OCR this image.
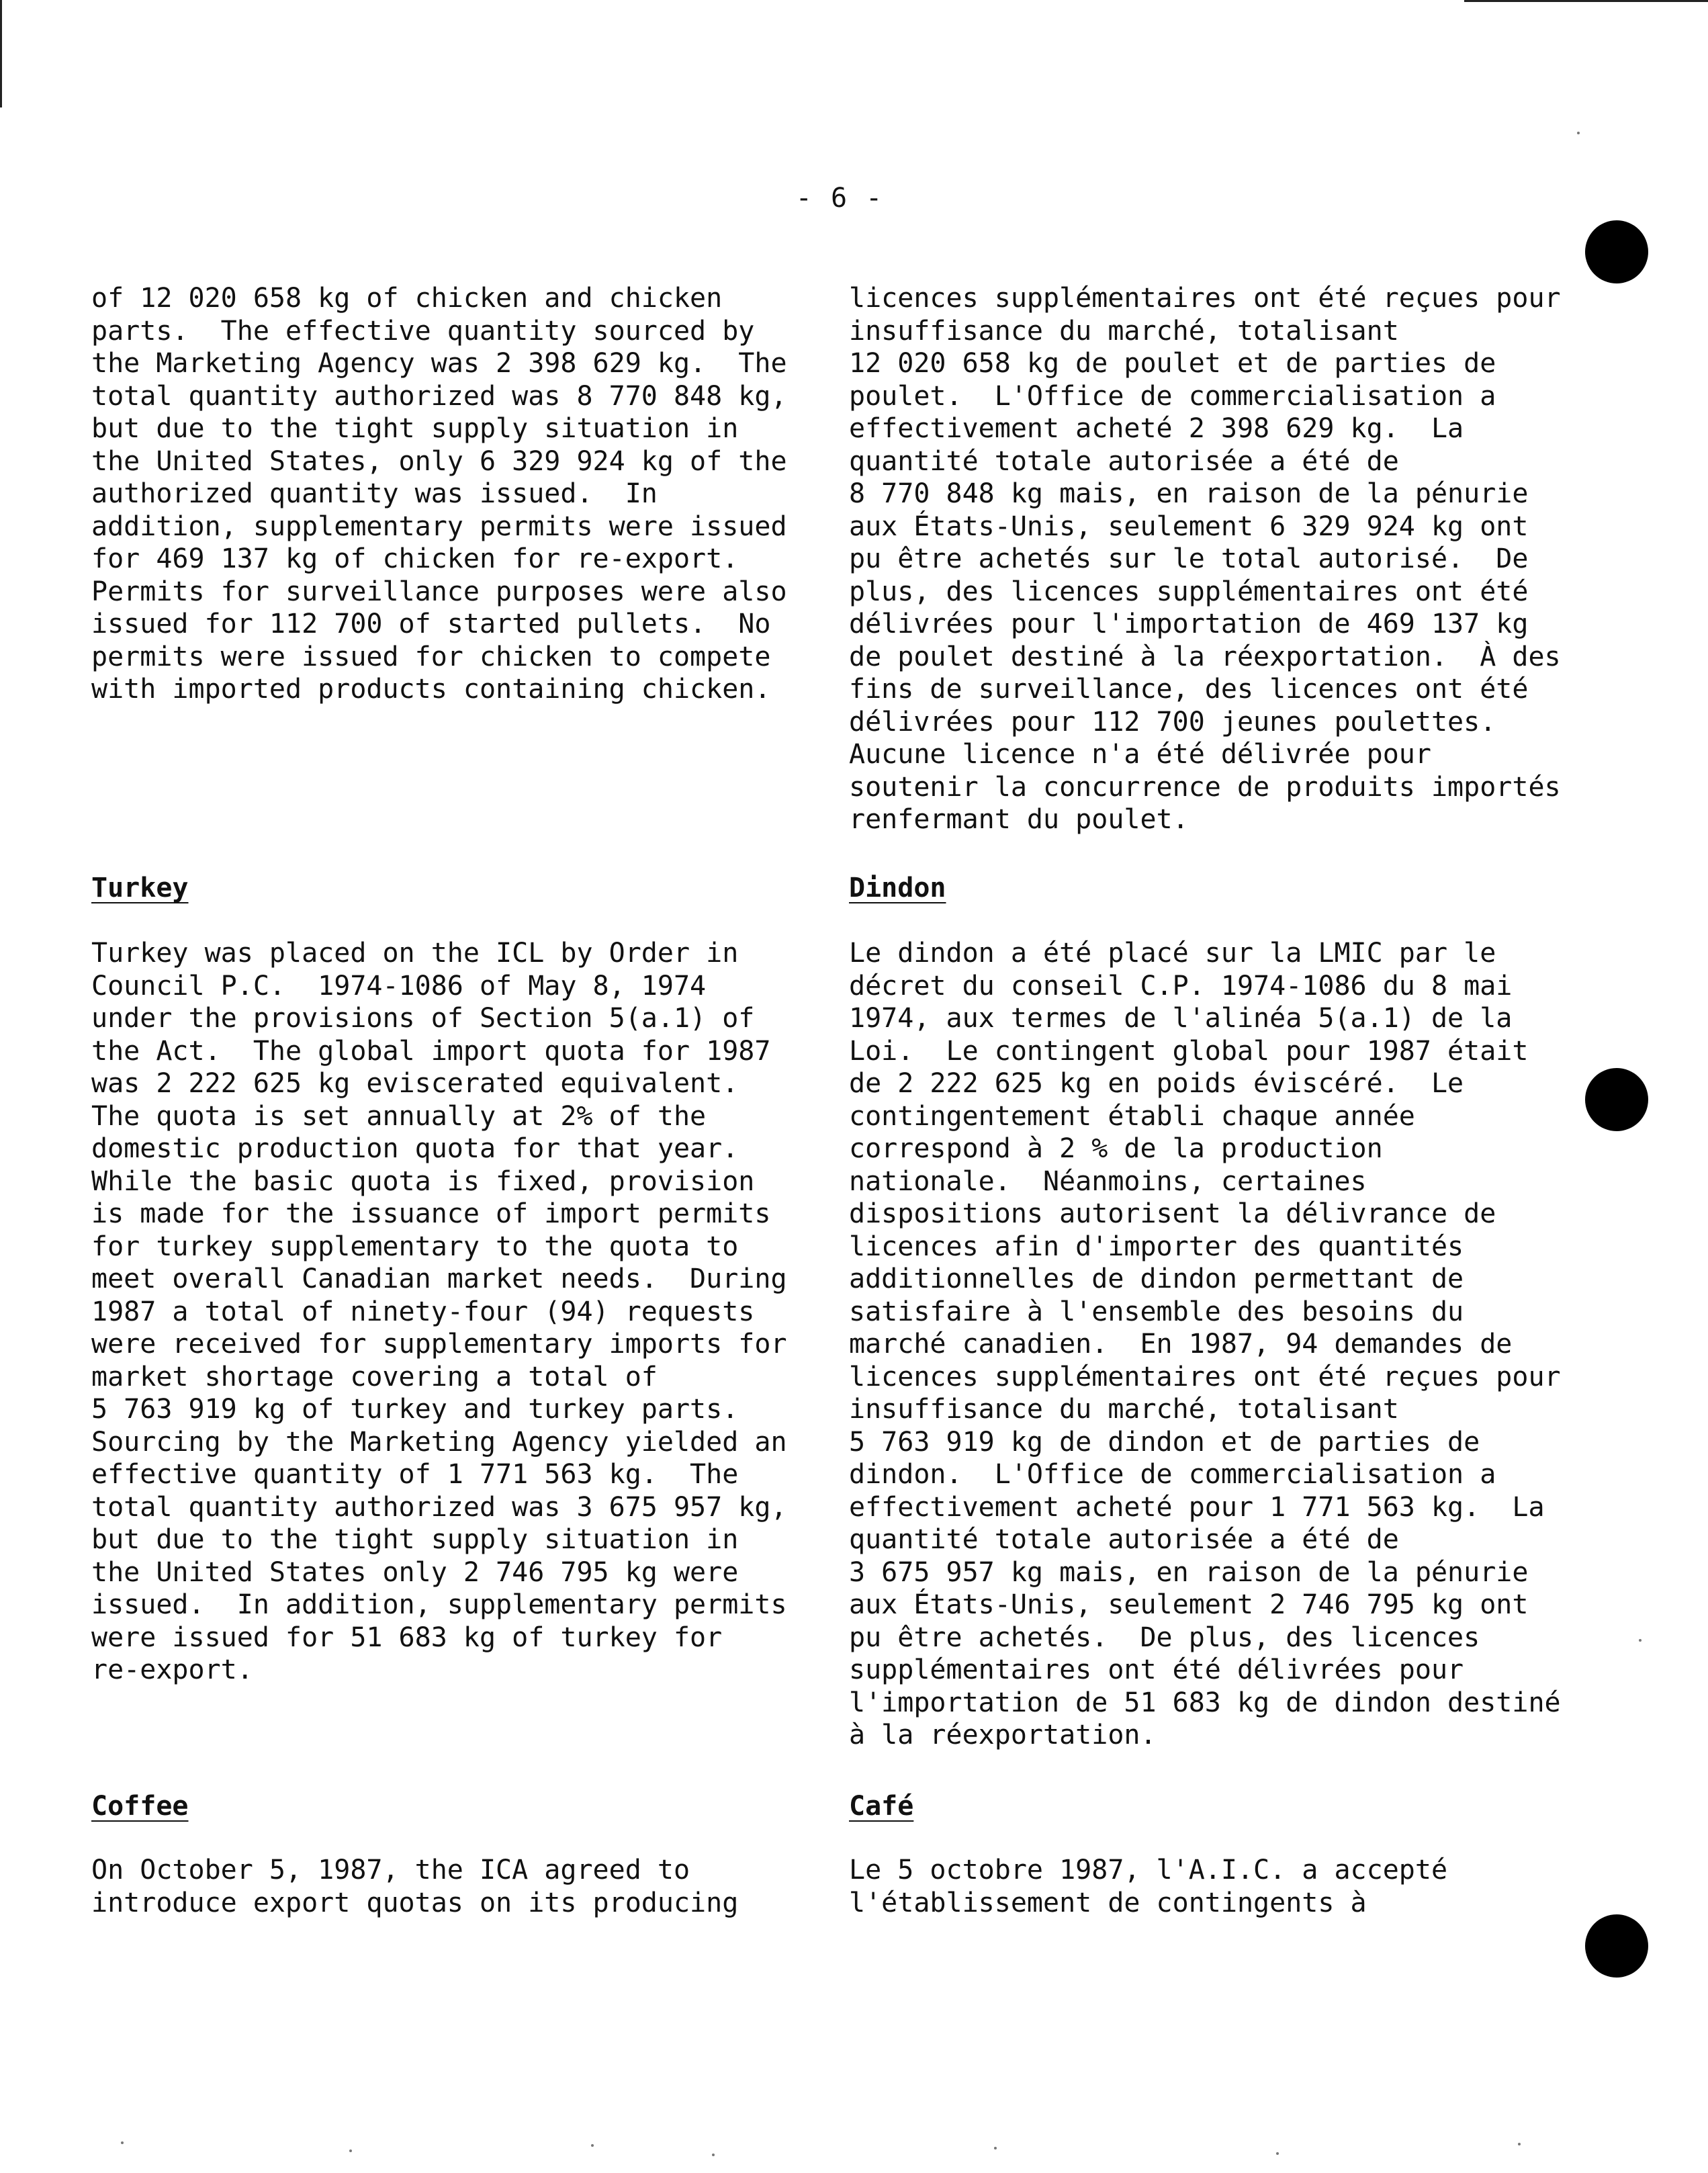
- 6 -

of 12 020 658 kg of chicken and chicken
parts.  The effective quantity sourced by
the Marketing Agency was 2 398 629 kg.  The
total quantity authorized was 8 770 848 kg,
but due to the tight supply situation in
the United States, only 6 329 924 kg of the
authorized quantity was issued.  In
addition, supplementary permits were issued
for 469 137 kg of chicken for re-export.
Permits for surveillance purposes were also
issued for 112 700 of started pullets.  No
permits were issued for chicken to compete
with imported products containing chicken.

Turkey

Turkey was placed on the ICL by Order in
Council P.C.  1974-1086 of May 8, 1974
under the provisions of Section 5(a.1) of
the Act.  The global import quota for 1987
was 2 222 625 kg eviscerated equivalent.
The quota is set annually at 2% of the
domestic production quota for that year.
While the basic quota is fixed, provision
is made for the issuance of import permits
for turkey supplementary to the quota to
meet overall Canadian market needs.  During
1987 a total of ninety-four (94) requests
were received for supplementary imports for
market shortage covering a total of
5 763 919 kg of turkey and turkey parts.
Sourcing by the Marketing Agency yielded an
effective quantity of 1 771 563 kg.  The
total quantity authorized was 3 675 957 kg,
but due to the tight supply situation in
the United States only 2 746 795 kg were
issued.  In addition, supplementary permits
were issued for 51 683 kg of turkey for
re-export.

Coffee

On October 5, 1987, the ICA agreed to
introduce export quotas on its producing

licences supplémentaires ont été reçues pour
insuffisance du marché, totalisant
12 020 658 kg de poulet et de parties de
poulet.  L'Office de commercialisation a
effectivement acheté 2 398 629 kg.  La
quantité totale autorisée a été de
8 770 848 kg mais, en raison de la pénurie
aux États-Unis, seulement 6 329 924 kg ont
pu être achetés sur le total autorisé.  De
plus, des licences supplémentaires ont été
délivrées pour l'importation de 469 137 kg
de poulet destiné à la réexportation.  À des
fins de surveillance, des licences ont été
délivrées pour 112 700 jeunes poulettes.
Aucune licence n'a été délivrée pour
soutenir la concurrence de produits importés
renfermant du poulet.

Dindon

Le dindon a été placé sur la LMIC par le
décret du conseil C.P. 1974-1086 du 8 mai
1974, aux termes de l'alinéa 5(a.1) de la
Loi.  Le contingent global pour 1987 était
de 2 222 625 kg en poids éviscéré.  Le
contingentement établi chaque année
correspond à 2 % de la production
nationale.  Néanmoins, certaines
dispositions autorisent la délivrance de
licences afin d'importer des quantités
additionnelles de dindon permettant de
satisfaire à l'ensemble des besoins du
marché canadien.  En 1987, 94 demandes de
licences supplémentaires ont été reçues pour
insuffisance du marché, totalisant
5 763 919 kg de dindon et de parties de
dindon.  L'Office de commercialisation a
effectivement acheté pour 1 771 563 kg.  La
quantité totale autorisée a été de
3 675 957 kg mais, en raison de la pénurie
aux États-Unis, seulement 2 746 795 kg ont
pu être achetés.  De plus, des licences
supplémentaires ont été délivrées pour
l'importation de 51 683 kg de dindon destiné
à la réexportation.

Café

Le 5 octobre 1987, l'A.I.C. a accepté
l'établissement de contingents à
